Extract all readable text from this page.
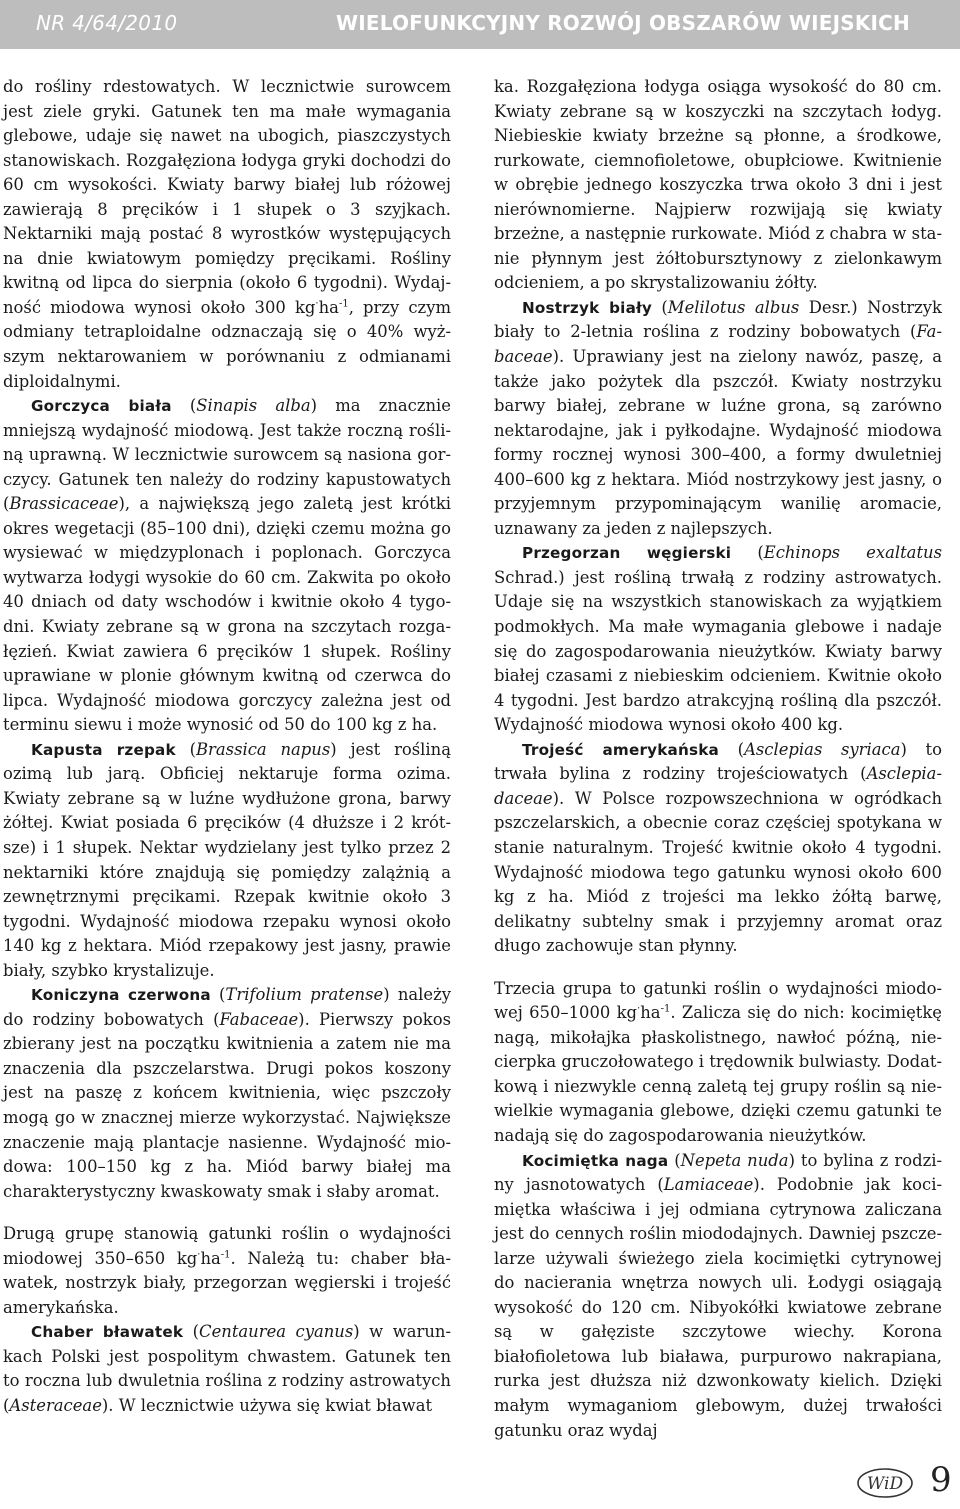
NR 4/64/2010	WIELOFUNKCYJNY ROZWÓJ OBSZARÓW WIEJSKICH

do rośliny rdestowatych. W lecznictwie surowcem jest ziele gryki. Gatunek ten ma małe wymagania glebowe, udaje się nawet na ubogich, piaszczystych stanowiskach. Rozgałęziona łodyga gryki dochodzi do 60 cm wysokości. Kwiaty barwy białej lub różowej zawierają 8 pręcików i 1 słupek o 3 szyjkach. Nektarniki mają postać 8 wyrostków występujących na dnie kwiatowym pomiędzy pręcikami. Rośliny kwitną od lipca do sierpnia (około 6 tygodni). Wydajność miodowa wynosi około 300 $kg^\cdot ha^{-1}$, przy czym odmiany tetraploidalne odznaczają się o 40% wyższym nektarowaniem w porównaniu z odmianami diploidalnymi.

Gorczyca biała (Sinapis alba) ma znacznie mniejszą wydajność miodową. Jest także roczną rośliną uprawną. W lecznictwie surowcem są nasiona gorczycy. Gatunek ten należy do rodziny kapustowatych (Brassicaceae), a największą jego zaletą jest krótki okres wegetacji (85–100 dni), dzięki czemu można go wysiewać w międzyplonach i poplonach. Gorczyca wytwarza łodygi wysokie do 60 cm. Zakwita po około 40 dniach od daty wschodów i kwitnie około 4 tygodni. Kwiaty zebrane są w grona na szczytach rozgałęzień. Kwiat zawiera 6 pręcików 1 słupek. Rośliny uprawiane w plonie głównym kwitną od czerwca do lipca. Wydajność miodowa gorczycy zależna jest od terminu siewu i może wynosić od 50 do 100 kg z ha.

Kapusta rzepak (Brassica napus) jest rośliną ozimą lub jarą. Obficiej nektaruje forma ozima. Kwiaty zebrane są w luźne wydłużone grona, barwy żółtej. Kwiat posiada 6 pręcików (4 dłuższe i 2 krótsze) i 1 słupek. Nektar wydzielany jest tylko przez 2 nektarniki które znajdują się pomiędzy zalążnią a zewnętrznymi pręcikami. Rzepak kwitnie około 3 tygodni. Wydajność miodowa rzepaku wynosi około 140 kg z hektara. Miód rzepakowy jest jasny, prawie biały, szybko krystalizuje.

Koniczyna czerwona (Trifolium pratense) należy do rodziny bobowatych (Fabaceae). Pierwszy pokos zbierany jest na początku kwitnienia a zatem nie ma znaczenia dla pszczelarstwa. Drugi pokos koszony jest na paszę z końcem kwitnienia, więc pszczoły mogą go w znacznej mierze wykorzystać. Największe znaczenie mają plantacje nasienne. Wydajność miodowa: 100–150 kg z ha. Miód barwy białej ma charakterystyczny kwaskowaty smak i słaby aromat.

Drugą grupę stanowią gatunki roślin o wydajności miodowej 350–650 $kg^\cdot ha^{-1}$. Należą tu: chaber bławatek, nostrzyk biały, przegorzan węgierski i trojeść amerykańska.

Chaber bławatek (Centaurea cyanus) w warunkach Polski jest pospolitym chwastem. Gatunek ten to roczna lub dwuletnia roślina z rodziny astrowatych (Asteraceae). W lecznictwie używa się kwiat bławat

ka. Rozgałęziona łodyga osiąga wysokość do 80 cm. Kwiaty zebrane są w koszyczki na szczytach łodyg. Niebieskie kwiaty brzeżne są płonne, a środkowe, rurkowate, ciemnofioletowe, obupłciowe. Kwitnienie w obrębie jednego koszyczka trwa około 3 dni i jest nierównomierne. Najpierw rozwijają się kwiaty brzeżne, a następnie rurkowate. Miód z chabra w stanie płynnym jest żółtobursztynowy z zielonkawym odcieniem, a po skrystalizowaniu żółty.

Nostrzyk biały (Melilotus albus Desr.) Nostrzyk biały to 2-letnia roślina z rodziny bobowatych (Fabaceae). Uprawiany jest na zielony nawóz, paszę, a także jako pożytek dla pszczół. Kwiaty nostrzyku barwy białej, zebrane w luźne grona, są zarówno nektarodajne, jak i pyłkodajne. Wydajność miodowa formy rocznej wynosi 300–400, a formy dwuletniej 400–600 kg z hektara. Miód nostrzykowy jest jasny, o przyjemnym przypominającym wanilię aromacie, uznawany za jeden z najlepszych.

Przegorzan węgierski (Echinops exaltatus Schrad.) jest rośliną trwałą z rodziny astrowatych. Udaje się na wszystkich stanowiskach za wyjątkiem podmokłych. Ma małe wymagania glebowe i nadaje się do zagospodarowania nieużytków. Kwiaty barwy białej czasami z niebieskim odcieniem. Kwitnie około 4 tygodni. Jest bardzo atrakcyjną rośliną dla pszczół. Wydajność miodowa wynosi około 400 kg.

Trojeść amerykańska (Asclepias syriaca) to trwała bylina z rodziny trojeściowatych (Asclepiadaceae). W Polsce rozpowszechniona w ogródkach pszczelarskich, a obecnie coraz częściej spotykana w stanie naturalnym. Trojeść kwitnie około 4 tygodni. Wydajność miodowa tego gatunku wynosi około 600 kg z ha. Miód z trojeści ma lekko żółtą barwę, delikatny subtelny smak i przyjemny aromat oraz długo zachowuje stan płynny.

Trzecia grupa to gatunki roślin o wydajności miodowej 650–1000 $kg^\cdot ha^{-1}$. Zalicza się do nich: kocimiętkę nagą, mikołajka płaskolistnego, nawłoć późną, niecierpka gruczołowatego i trędownik bulwiasty. Dodatkową i niezwykle cenną zaletą tej grupy roślin są niewielkie wymagania glebowe, dzięki czemu gatunki te nadają się do zagospodarowania nieużytków.

Kocimiętka naga (Nepeta nuda) to bylina z rodziny jasnotowatych (Lamiaceae). Podobnie jak kocimiętka właściwa i jej odmiana cytrynowa zaliczana jest do cennych roślin miododajnych. Dawniej pszczelarze używali świeżego ziela kocimiętki cytrynowej do nacierania wnętrza nowych uli. Łodygi osiągają wysokość do 120 cm. Nibyokółki kwiatowe zebrane są w gałęziste szczytowe wiechy. Korona białofioletowa lub biaława, purpurowo nakrapiana, rurka jest dłuższa niż dzwonkowaty kielich. Dzięki małym wymaganiom glebowym, dużej trwałości gatunku oraz wydaj

WiD 9
